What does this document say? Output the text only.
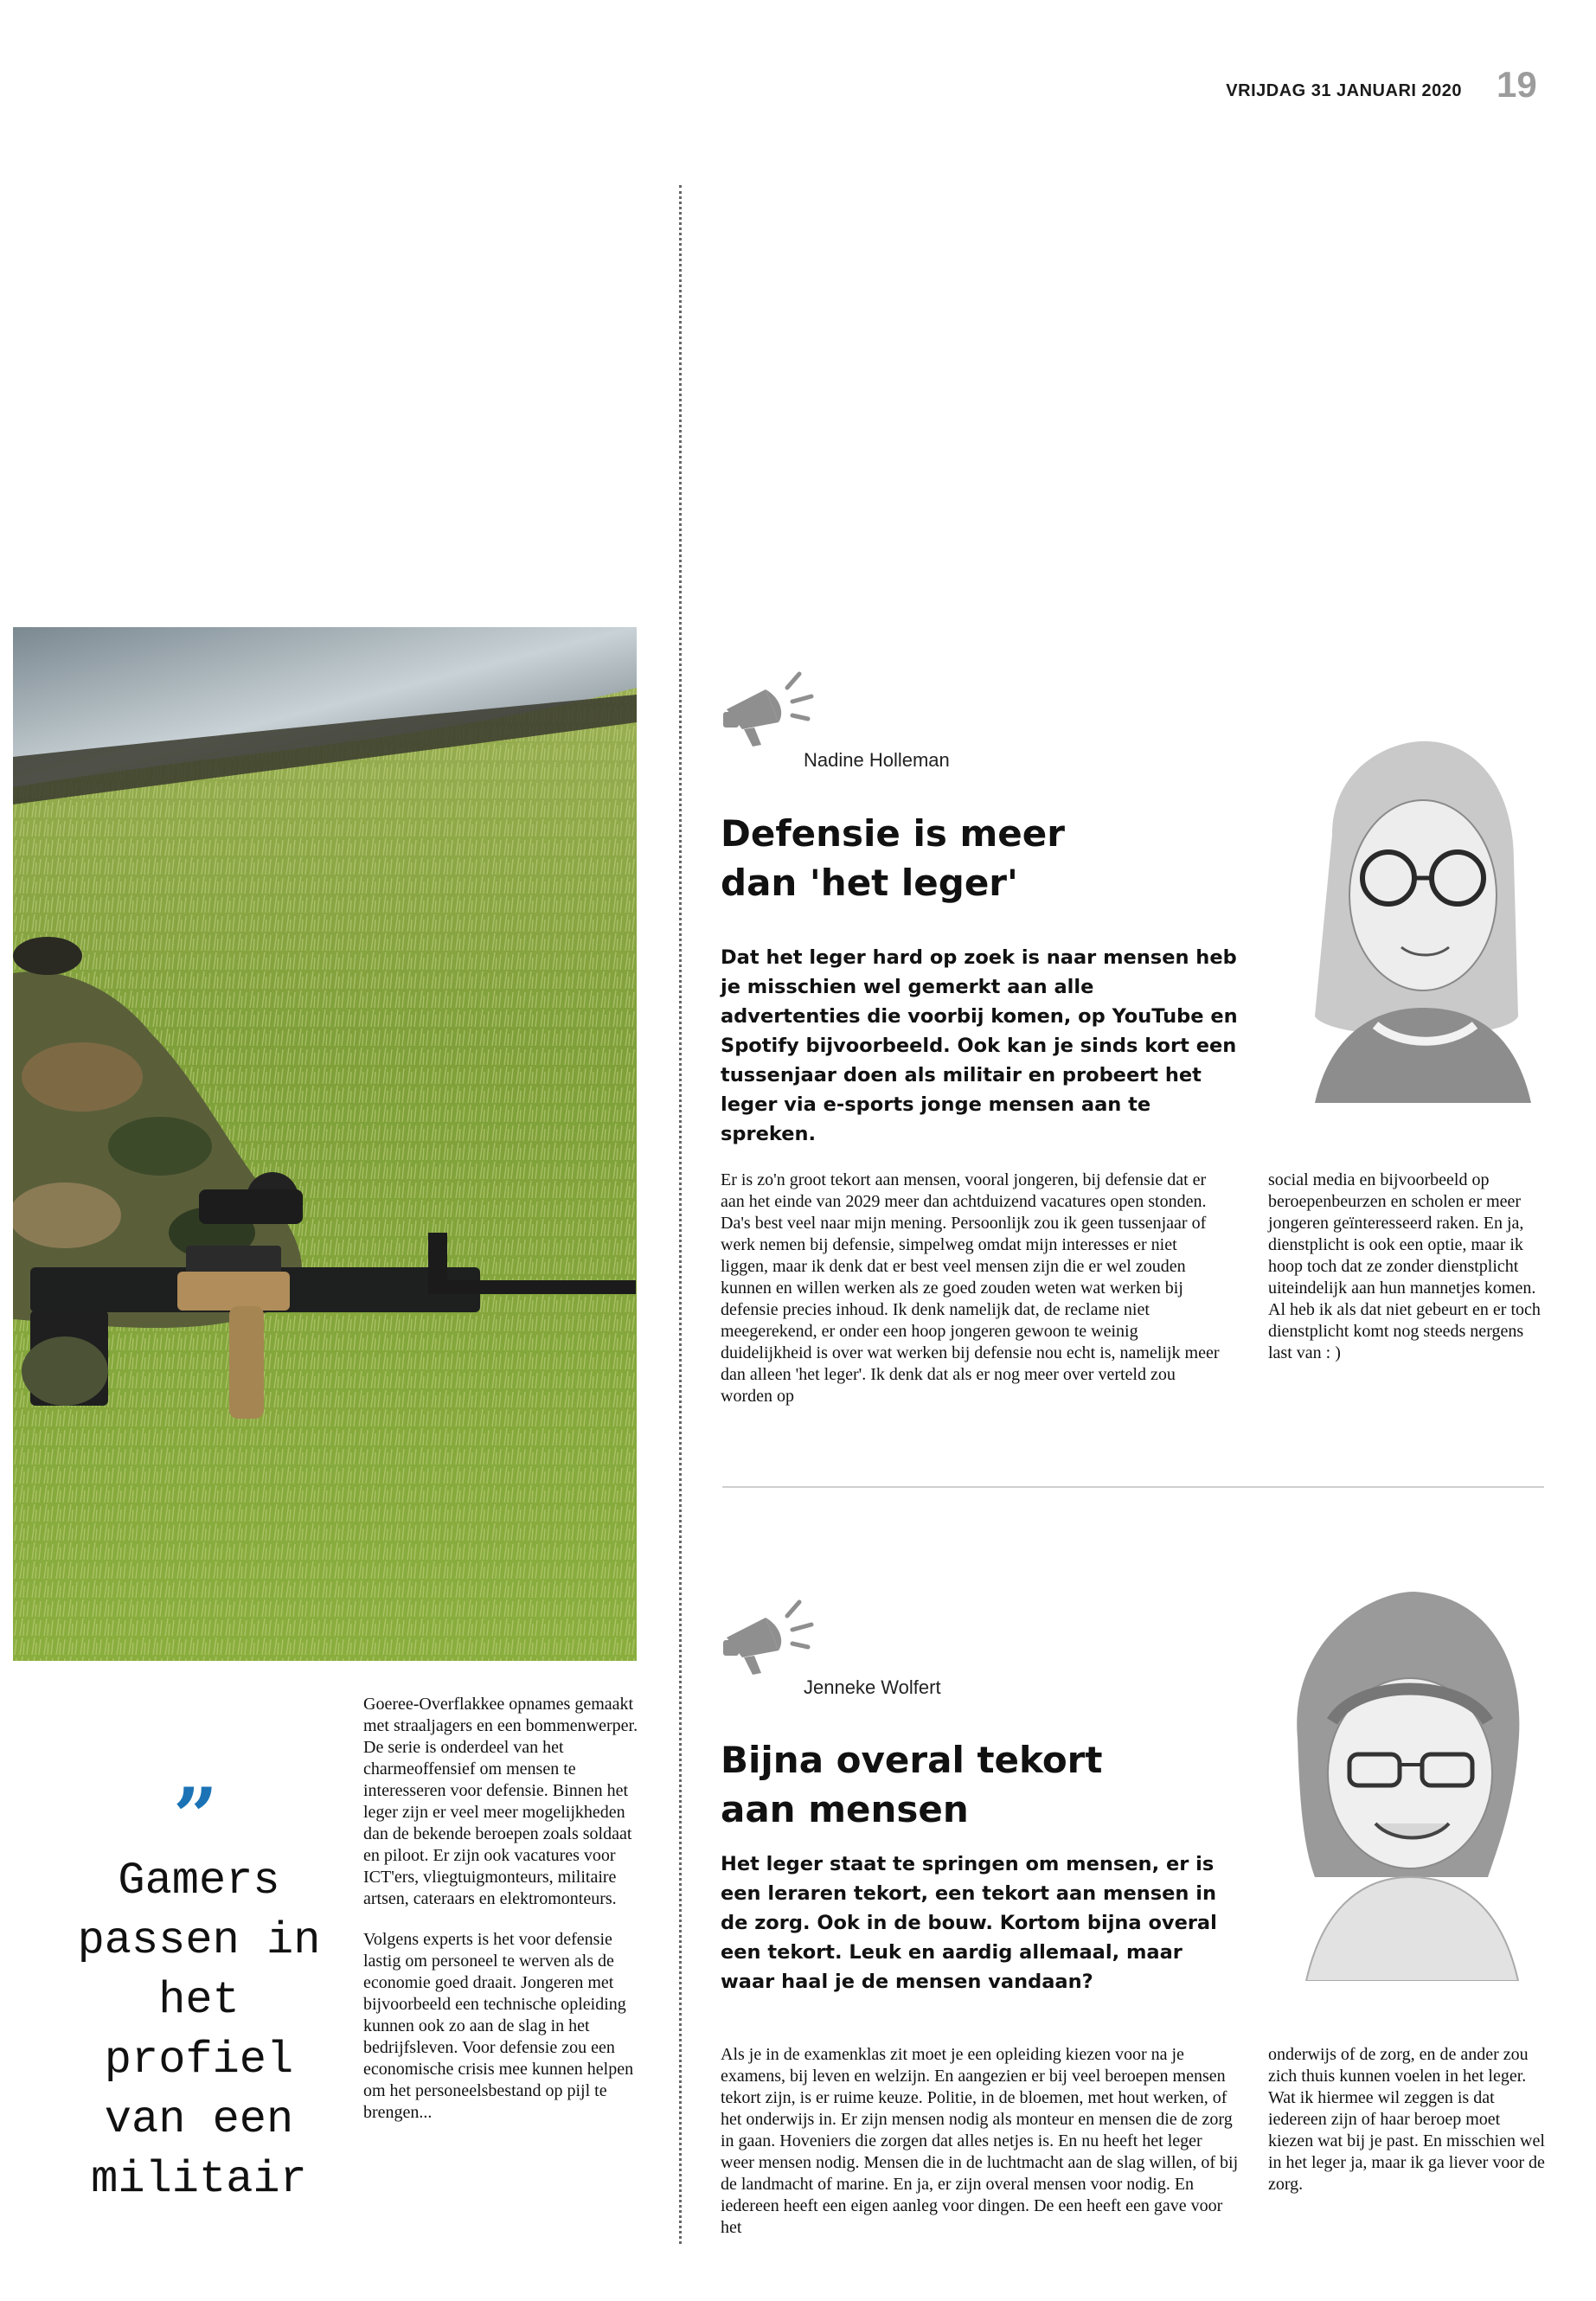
VRIJDAG 31 JANUARI 2020 19
Nadine Holleman
Defensie is meer
dan 'het leger'
Dat het leger hard op zoek is naar mensen heb je misschien wel gemerkt aan alle advertenties die voorbij komen, op YouTube en Spotify bijvoorbeeld. Ook kan je sinds kort een tussenjaar doen als militair en probeert het leger via e-sports jonge mensen aan te spreken.
Er is zo'n groot tekort aan mensen, vooral jongeren, bij defensie dat er aan het einde van 2029 meer dan achtduizend vacatures open stonden. Da's best veel naar mijn mening. Persoonlijk zou ik geen tussenjaar of werk nemen bij defensie, simpelweg omdat mijn interesses er niet liggen, maar ik denk dat er best veel mensen zijn die er wel zouden kunnen en willen werken als ze goed zouden weten wat werken bij defensie precies inhoud. Ik denk namelijk dat, de reclame niet meegerekend, er onder een hoop jongeren gewoon te weinig duidelijkheid is over wat werken bij defensie nou echt is, namelijk meer dan alleen 'het leger'. Ik denk dat als er nog meer over verteld zou worden op
social media en bijvoorbeeld op beroepenbeurzen en scholen er meer jongeren geïnteresseerd raken. En ja, dienstplicht is ook een optie, maar ik hoop toch dat ze zonder dienstplicht uiteindelijk aan hun mannetjes komen. Al heb ik als dat niet gebeurt en er toch dienstplicht komt nog steeds nergens last van : )
Jenneke Wolfert
Bijna overal tekort
aan mensen
Het leger staat te springen om mensen, er is een leraren tekort, een tekort aan mensen in de zorg. Ook in de bouw. Kortom bijna overal een tekort. Leuk en aardig allemaal, maar waar haal je de mensen vandaan?
Als je in de examenklas zit moet je een opleiding kiezen voor na je examens, bij leven en welzijn. En aangezien er bij veel beroepen mensen tekort zijn, is er ruime keuze. Politie, in de bloemen, met hout werken, of het onderwijs in. Er zijn mensen nodig als monteur en mensen die de zorg in gaan. Hoveniers die zorgen dat alles netjes is. En nu heeft het leger weer mensen nodig. Mensen die in de luchtmacht aan de slag willen, of bij de landmacht of marine. En ja, er zijn overal mensen voor nodig. En iedereen heeft een eigen aanleg voor dingen. De een heeft een gave voor het
onderwijs of de zorg, en de ander zou zich thuis kunnen voelen in het leger. Wat ik hiermee wil zeggen is dat iedereen zijn of haar beroep moet kiezen wat bij je past. En misschien wel in het leger ja, maar ik ga liever voor de zorg.
”
Gamers passen in het profiel van een militair

Goeree-Overflakkee opnames gemaakt met straaljagers en een bommenwerper. De serie is onderdeel van het charmeoffensief om mensen te interesseren voor defensie. Binnen het leger zijn er veel meer mogelijkheden dan de bekende beroepen zoals soldaat en piloot. Er zijn ook vacatures voor ICT'ers, vliegtuigmonteurs, militaire artsen, cateraars en elektromonteurs.

Volgens experts is het voor defensie lastig om personeel te werven als de economie goed draait. Jongeren met bijvoorbeeld een technische opleiding kunnen ook zo aan de slag in het bedrijfsleven. Voor defensie zou een economische crisis mee kunnen helpen om het personeelsbestand op pijl te brengen...
